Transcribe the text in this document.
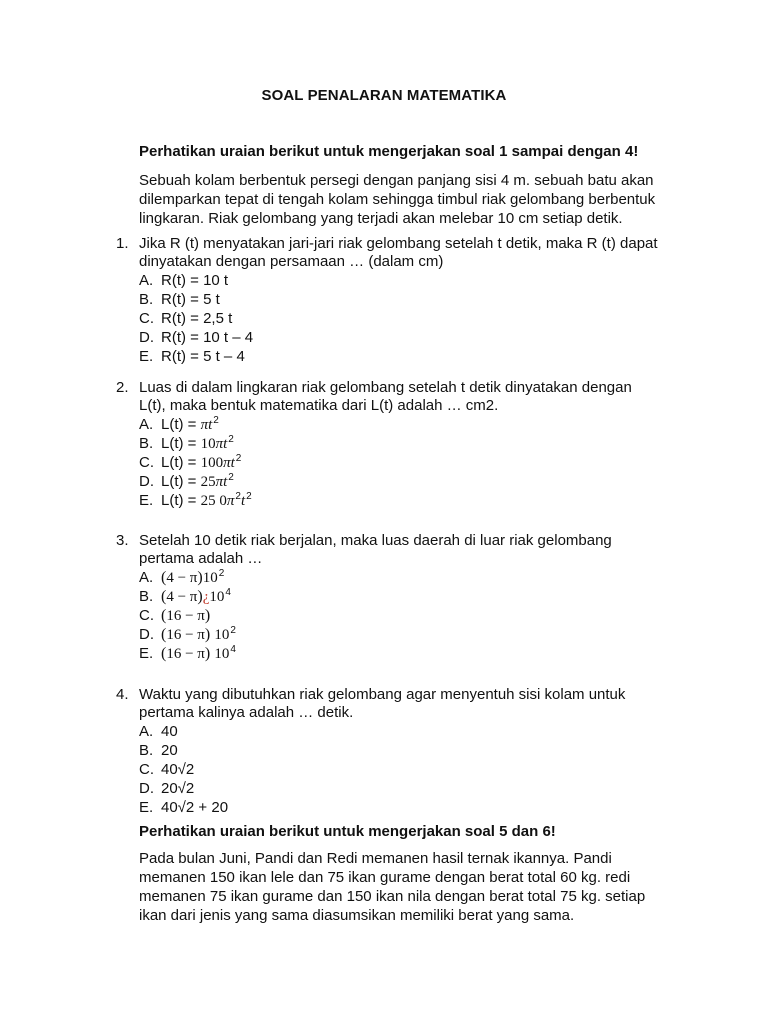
SOAL PENALARAN MATEMATIKA
Perhatikan uraian berikut untuk mengerjakan soal 1 sampai dengan 4!
Sebuah kolam berbentuk persegi dengan panjang sisi 4 m. sebuah batu akan
dilemparkan tepat di tengah kolam sehingga timbul riak gelombang berbentuk
lingkaran. Riak gelombang yang terjadi akan melebar 10 cm setiap detik.
1. Jika R (t) menyatakan jari-jari riak gelombang setelah t detik, maka R (t) dapat
dinyatakan dengan persamaan … (dalam cm)
A. R(t) = 10 t
B. R(t) = 5 t
C. R(t) = 2,5 t
D. R(t) = 10 t – 4
E. R(t) = 5 t – 4
2. Luas di dalam lingkaran riak gelombang setelah t detik dinyatakan dengan
L(t), maka bentuk matematika dari L(t) adalah … cm2.
A. $L(t) = \pi t^2$
B. $L(t) = 10\pi t^2$
C. $L(t) = 100\pi t^2$
D. $L(t) = 25\pi t^2$
E. L(t) = 25 $0\pi^2t^2$
3. Setelah 10 detik riak berjalan, maka luas daerah di luar riak gelombang
pertama adalah …
A. $(4 - \pi)10^2$
B. $(4 - \pi)¿10^4$
C. (16 − π)
D. (16 − π) $10^2$
E. (16 − π) $10^4$
4. Waktu yang dibutuhkan riak gelombang agar menyentuh sisi kolam untuk
pertama kalinya adalah … detik.
A. 40
B. 20
C. 40√2
D. 20√2
E. 40√2 + 20
Perhatikan uraian berikut untuk mengerjakan soal 5 dan 6!
Pada bulan Juni, Pandi dan Redi memanen hasil ternak ikannya. Pandi
memanen 150 ikan lele dan 75 ikan gurame dengan berat total 60 kg. redi
memanen 75 ikan gurame dan 150 ikan nila dengan berat total 75 kg. setiap
ikan dari jenis yang sama diasumsikan memiliki berat yang sama.
